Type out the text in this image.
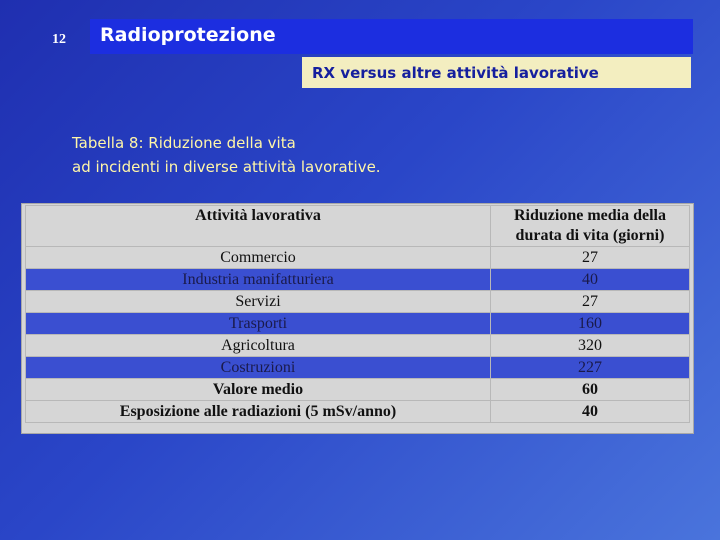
12 Radioprotezione
RX versus altre attività lavorative
Tabella 8: Riduzione della vita
ad incidenti in diverse attività lavorative.
Attività lavorativa	Riduzione media della durata di vita (giorni)
Commercio	27
Industria manifatturiera	40
Servizi	27
Trasporti	160
Agricoltura	320
Costruzioni	227
Valore medio	60
Esposizione alle radiazioni (5 mSv/anno)	40
